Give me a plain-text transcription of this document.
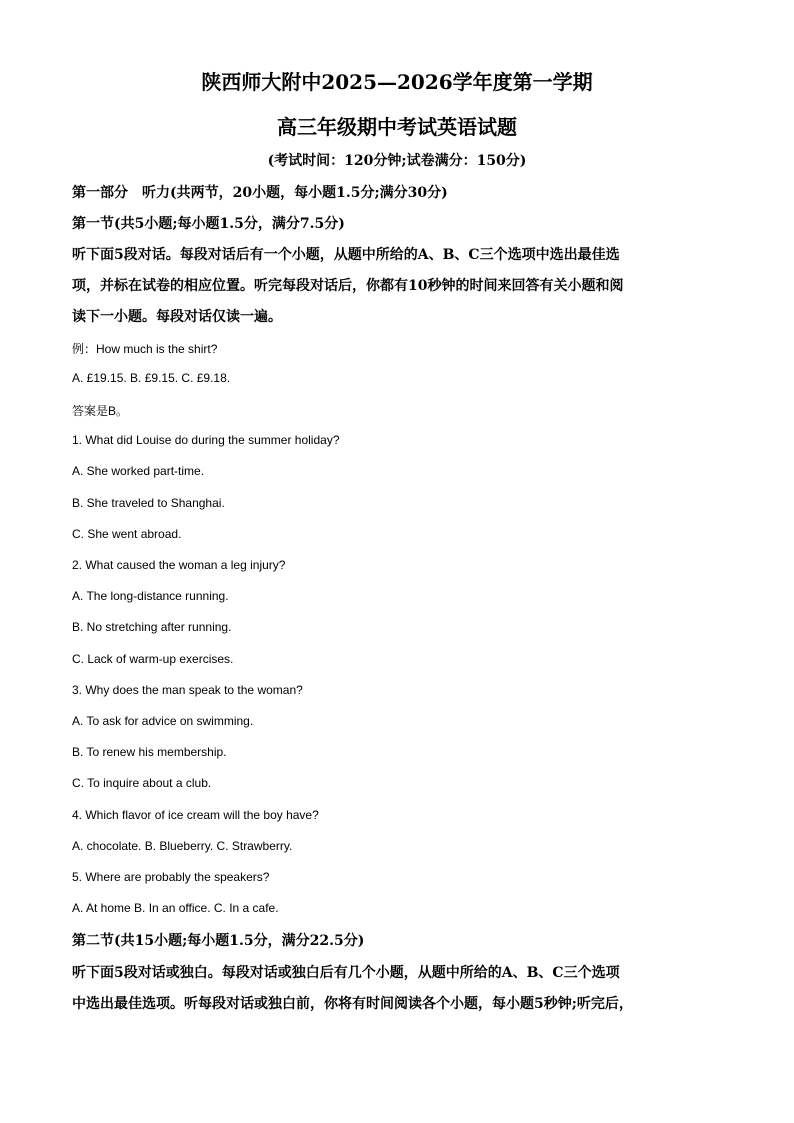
陕西师大附中2025—2026学年度第一学期
高三年级期中考试英语试题
(考试时间：120分钟;试卷满分：150分)
第一部分　听力(共两节，20小题，每小题1.5分;满分30分)
第一节(共5小题;每小题1.5分，满分7.5分)
听下面5段对话。每段对话后有一个小题，从题中所给的A、B、C三个选项中选出最佳选
项，并标在试卷的相应位置。听完每段对话后，你都有10秒钟的时间来回答有关小题和阅
读下一小题。每段对话仅读一遍。
例：How much is the shirt?
A. £19.15. B. £9.15. C. £9.18.
答案是B。
1. What did Louise do during the summer holiday?
A. She worked part-time.
B. She traveled to Shanghai.
C. She went abroad.
2. What caused the woman a leg injury?
A. The long-distance running.
B. No stretching after running.
C. Lack of warm-up exercises.
3. Why does the man speak to the woman?
A. To ask for advice on swimming.
B. To renew his membership.
C. To inquire about a club.
4. Which flavor of ice cream will the boy have?
A. chocolate. B. Blueberry. C. Strawberry.
5. Where are probably the speakers?
A. At home B. In an office. C. In a cafe.
第二节(共15小题;每小题1.5分，满分22.5分)
听下面5段对话或独白。每段对话或独白后有几个小题，从题中所给的A、B、C三个选项
中选出最佳选项。听每段对话或独白前，你将有时间阅读各个小题，每小题5秒钟;听完后，
